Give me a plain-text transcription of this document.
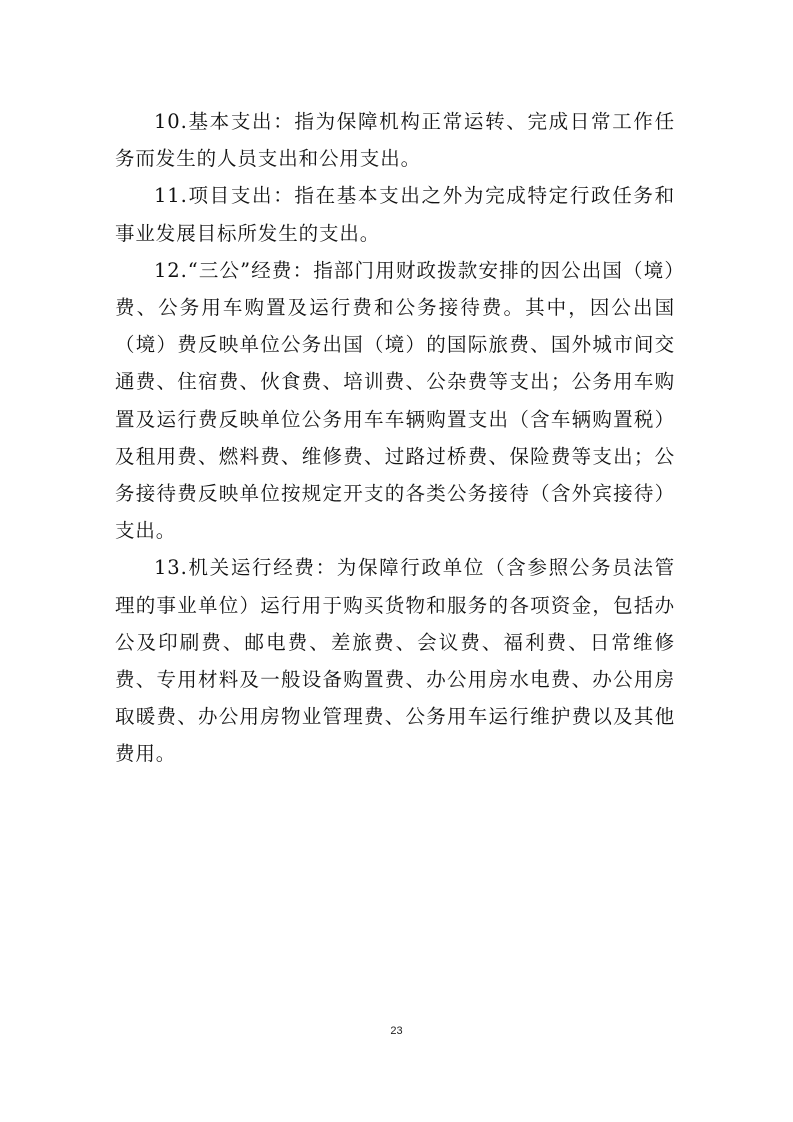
10.基本支出：指为保障机构正常运转、完成日常工作任务而发生的人员支出和公用支出。

11.项目支出：指在基本支出之外为完成特定行政任务和事业发展目标所发生的支出。

12.“三公”经费：指部门用财政拨款安排的因公出国（境）费、公务用车购置及运行费和公务接待费。其中，因公出国（境）费反映单位公务出国（境）的国际旅费、国外城市间交通费、住宿费、伙食费、培训费、公杂费等支出；公务用车购置及运行费反映单位公务用车车辆购置支出（含车辆购置税）及租用费、燃料费、维修费、过路过桥费、保险费等支出；公务接待费反映单位按规定开支的各类公务接待（含外宾接待）支出。

13.机关运行经费：为保障行政单位（含参照公务员法管理的事业单位）运行用于购买货物和服务的各项资金，包括办公及印刷费、邮电费、差旅费、会议费、福利费、日常维修费、专用材料及一般设备购置费、办公用房水电费、办公用房取暖费、办公用房物业管理费、公务用车运行维护费以及其他费用。

23
